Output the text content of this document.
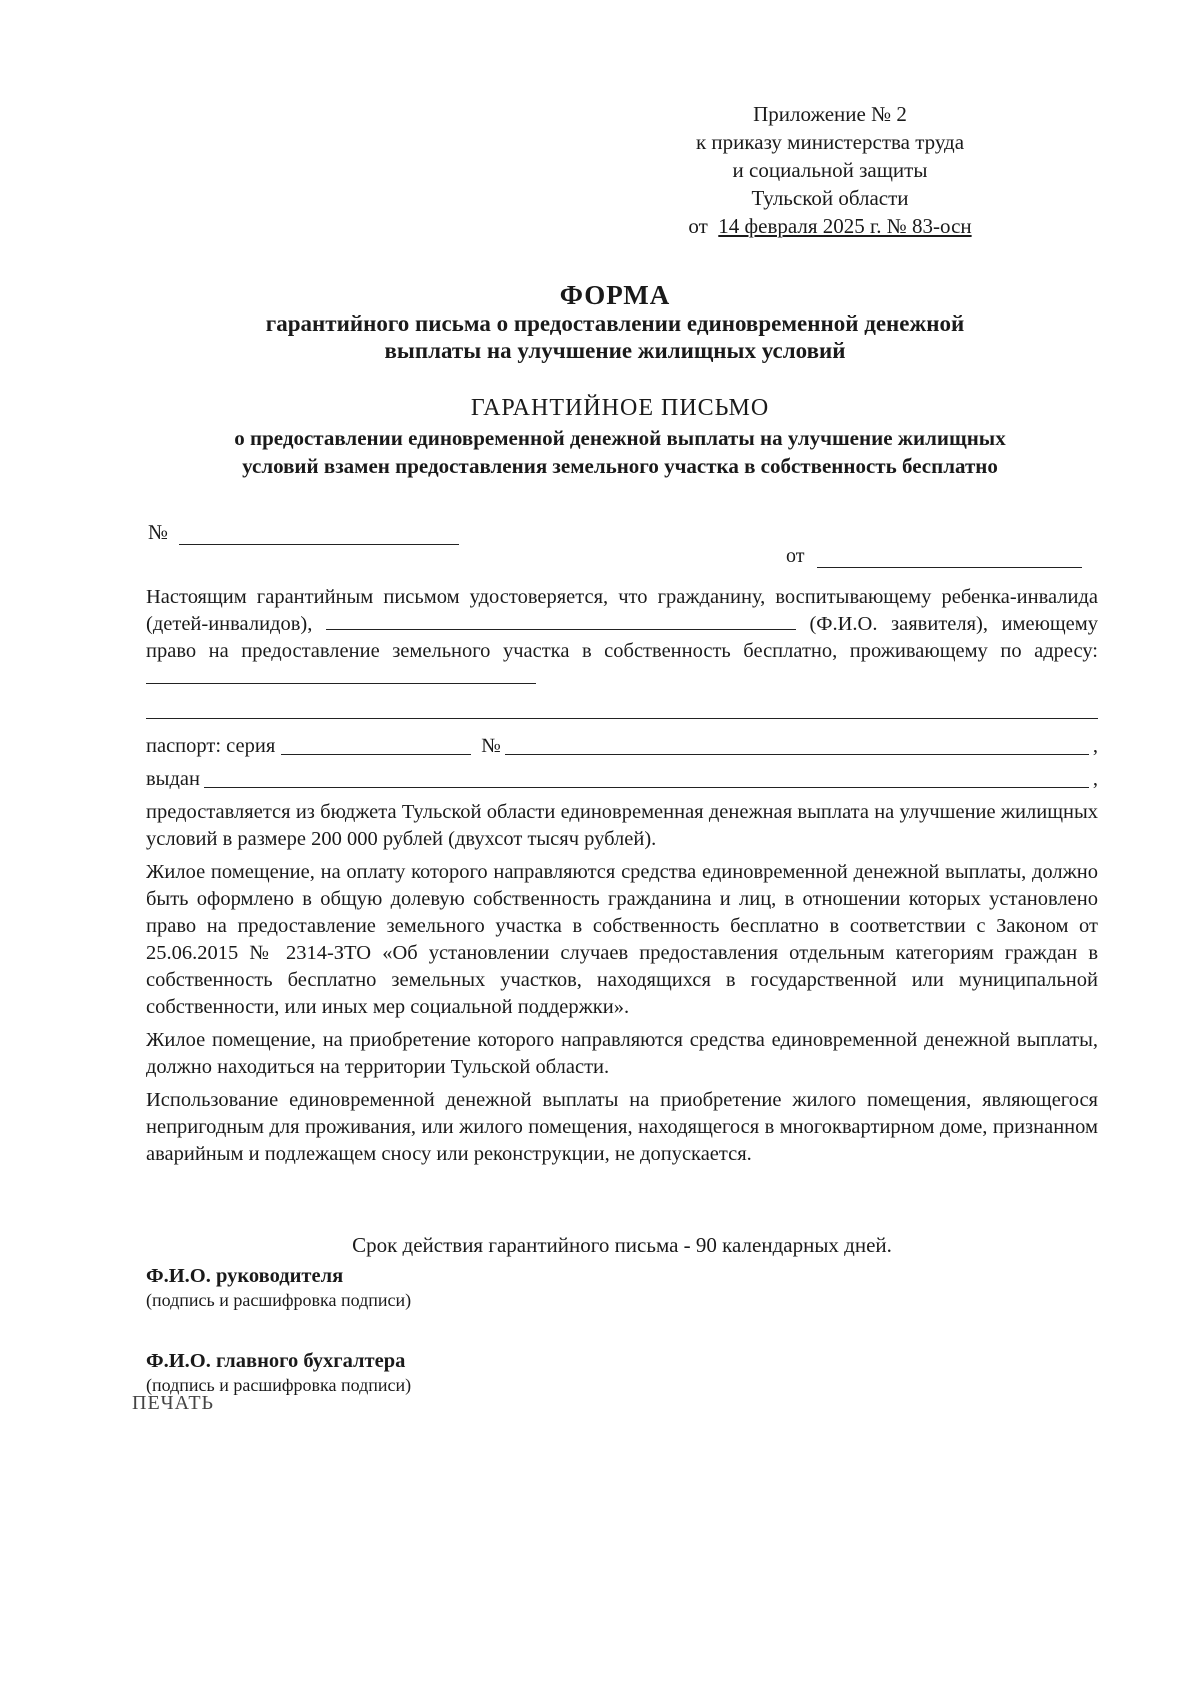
Приложение № 2
к приказу министерства труда
и социальной защиты
Тульской области
от 14 февраля 2025 г. № 83-осн
ФОРМА
гарантийного письма о предоставлении единовременной денежной
выплаты на улучшение жилищных условий
ГАРАНТИЙНОЕ ПИСЬМО
о предоставлении единовременной денежной выплаты на улучшение жилищных
условий взамен предоставления земельного участка в собственность бесплатно
№
от

Настоящим гарантийным письмом удостоверяется, что гражданину, воспитывающему ребенка-инвалида (детей-инвалидов),	(Ф.И.О. заявителя), имеющему право на предоставление земельного участка в собственность бесплатно, проживающему по адресу:

паспорт: серия	№	,
выдан	,

предоставляется из бюджета Тульской области единовременная денежная выплата на улучшение жилищных условий в размере 200 000 рублей (двухсот тысяч рублей).

Жилое помещение, на оплату которого направляются средства единовременной денежной выплаты, должно быть оформлено в общую долевую собственность гражданина и лиц, в отношении которых установлено право на предоставление земельного участка в собственность бесплатно в соответствии с Законом от 25.06.2015 № 2314-ЗТО «Об установлении случаев предоставления отдельным категориям граждан в собственность бесплатно земельных участков, находящихся в государственной или муниципальной собственности, или иных мер социальной поддержки».

Жилое помещение, на приобретение которого направляются средства единовременной денежной выплаты, должно находиться на территории Тульской области.

Использование единовременной денежной выплаты на приобретение жилого помещения, являющегося непригодным для проживания, или жилого помещения, находящегося в многоквартирном доме, признанном аварийным и подлежащем сносу или реконструкции, не допускается.

Срок действия гарантийного письма - 90 календарных дней.
Ф.И.О. руководителя
(подпись и расшифровка подписи)
Ф.И.О. главного бухгалтера
(подпись и расшифровка подписи)
ПЕЧАТЬ
